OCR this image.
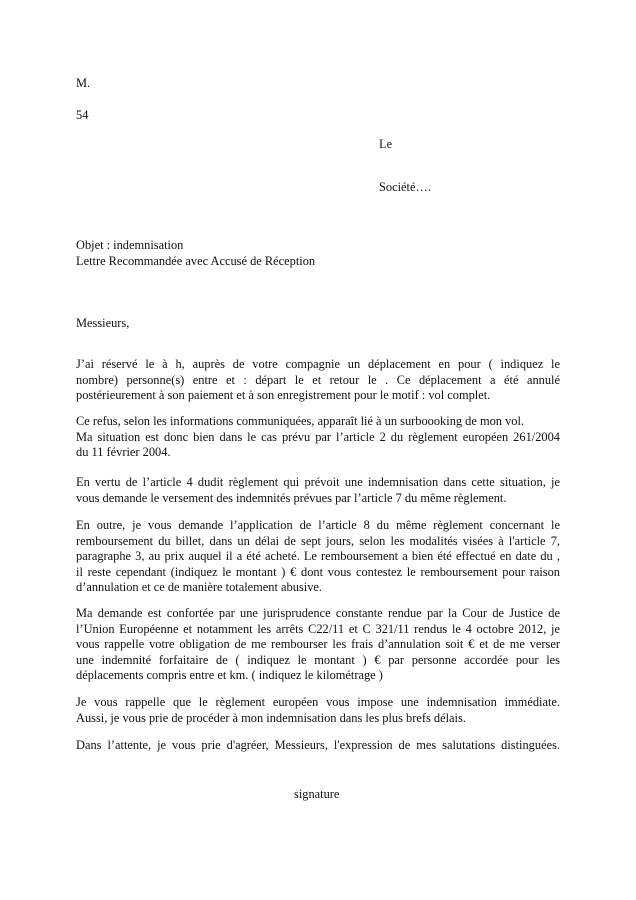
M.
54
Le
Société….
Objet : indemnisation
Lettre Recommandée avec Accusé de Réception
Messieurs,
J’ai réservé le à h, auprès de votre compagnie un déplacement en pour ( indiquez le
nombre) personne(s) entre et : départ le et retour le . Ce déplacement a été annulé
postérieurement à son paiement et à son enregistrement pour le motif : vol complet.
Ce refus, selon les informations communiquées, apparaît lié à un surboooking de mon vol.
Ma situation est donc bien dans le cas prévu par l’article 2 du règlement européen 261/2004
du 11 février 2004.
En vertu de l’article 4 dudit règlement qui prévoit une indemnisation dans cette situation, je
vous demande le versement des indemnités prévues par l’article 7 du même règlement.
En outre, je vous demande l’application de l’article 8 du même règlement concernant le
remboursement du billet, dans un délai de sept jours, selon les modalités visées à l'article 7,
paragraphe 3, au prix auquel il a été acheté. Le remboursement a bien été effectué en date du ,
il reste cependant (indiquez le montant ) € dont vous contestez le remboursement pour raison
d’annulation et ce de manière totalement abusive.
Ma demande est confortée par une jurisprudence constante rendue par la Cour de Justice de
l’Union Européenne et notamment les arrêts C22/11 et C 321/11 rendus le 4 octobre 2012, je
vous rappelle votre obligation de me rembourser les frais d’annulation soit € et de me verser
une indemnité forfaitaire de ( indiquez le montant ) € par personne accordée pour les
déplacements compris entre et km. ( indiquez le kilométrage )
Je vous rappelle que le règlement européen vous impose une indemnisation immédiate.
Aussi, je vous prie de procéder à mon indemnisation dans les plus brefs délais.
Dans l’attente, je vous prie d'agréer, Messieurs, l'expression de mes salutations distinguées.
signature
